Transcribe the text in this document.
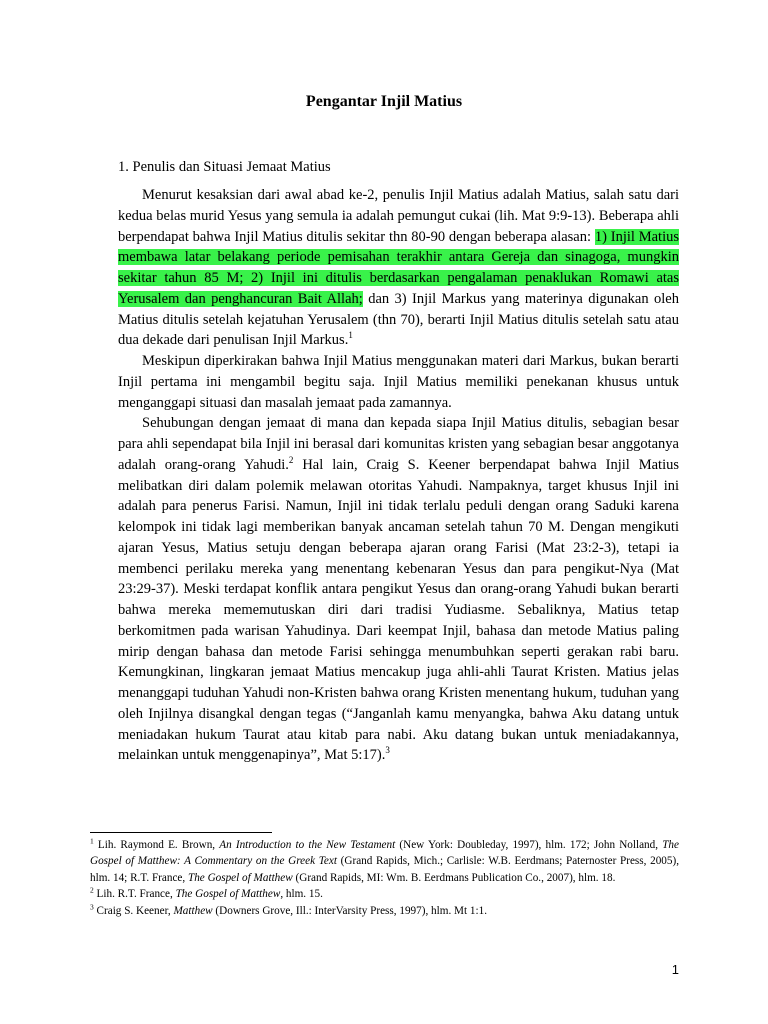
Pengantar Injil Matius
1. Penulis dan Situasi Jemaat Matius

Menurut kesaksian dari awal abad ke-2, penulis Injil Matius adalah Matius, salah satu dari kedua belas murid Yesus yang semula ia adalah pemungut cukai (lih. Mat 9:9-13). Beberapa ahli berpendapat bahwa Injil Matius ditulis sekitar thn 80-90 dengan beberapa alasan: 1) Injil Matius membawa latar belakang periode pemisahan terakhir antara Gereja dan sinagoga, mungkin sekitar tahun 85 M; 2) Injil ini ditulis berdasarkan pengalaman penaklukan Romawi atas Yerusalem dan penghancuran Bait Allah; dan 3) Injil Markus yang materinya digunakan oleh Matius ditulis setelah kejatuhan Yerusalem (thn 70), berarti Injil Matius ditulis setelah satu atau dua dekade dari penulisan Injil Markus.$^1$

Meskipun diperkirakan bahwa Injil Matius menggunakan materi dari Markus, bukan berarti Injil pertama ini mengambil begitu saja. Injil Matius memiliki penekanan khusus untuk menganggapi situasi dan masalah jemaat pada zamannya.

Sehubungan dengan jemaat di mana dan kepada siapa Injil Matius ditulis, sebagian besar para ahli sependapat bila Injil ini berasal dari komunitas kristen yang sebagian besar anggotanya adalah orang-orang Yahudi.$^2$ Hal lain, Craig S. Keener berpendapat bahwa Injil Matius melibatkan diri dalam polemik melawan otoritas Yahudi. Nampaknya, target khusus Injil ini adalah para penerus Farisi. Namun, Injil ini tidak terlalu peduli dengan orang Saduki karena kelompok ini tidak lagi memberikan banyak ancaman setelah tahun 70 M. Dengan mengikuti ajaran Yesus, Matius setuju dengan beberapa ajaran orang Farisi (Mat 23:2-3), tetapi ia membenci perilaku mereka yang menentang kebenaran Yesus dan para pengikut-Nya (Mat 23:29-37). Meski terdapat konflik antara pengikut Yesus dan orang-orang Yahudi bukan berarti bahwa mereka mememutuskan diri dari tradisi Yudiasme. Sebaliknya, Matius tetap berkomitmen pada warisan Yahudinya. Dari keempat Injil, bahasa dan metode Matius paling mirip dengan bahasa dan metode Farisi sehingga menumbuhkan seperti gerakan rabi baru. Kemungkinan, lingkaran jemaat Matius mencakup juga ahli-ahli Taurat Kristen. Matius jelas menanggapi tuduhan Yahudi non-Kristen bahwa orang Kristen menentang hukum, tuduhan yang oleh Injilnya disangkal dengan tegas (“Janganlah kamu menyangka, bahwa Aku datang untuk meniadakan hukum Taurat atau kitab para nabi. Aku datang bukan untuk meniadakannya, melainkan untuk menggenapinya”, Mat 5:17).$^3$

$^1$ Lih. Raymond E. Brown, An Introduction to the New Testament (New York: Doubleday, 1997), hlm. 172; John Nolland, The Gospel of Matthew: A Commentary on the Greek Text (Grand Rapids, Mich.; Carlisle: W.B. Eerdmans; Paternoster Press, 2005), hlm. 14; R.T. France, The Gospel of Matthew (Grand Rapids, MI: Wm. B. Eerdmans Publication Co., 2007), hlm. 18.

$^2$ Lih. R.T. France, The Gospel of Matthew, hlm. 15.

$^3$ Craig S. Keener, Matthew (Downers Grove, Ill.: InterVarsity Press, 1997), hlm. Mt 1:1.

1
